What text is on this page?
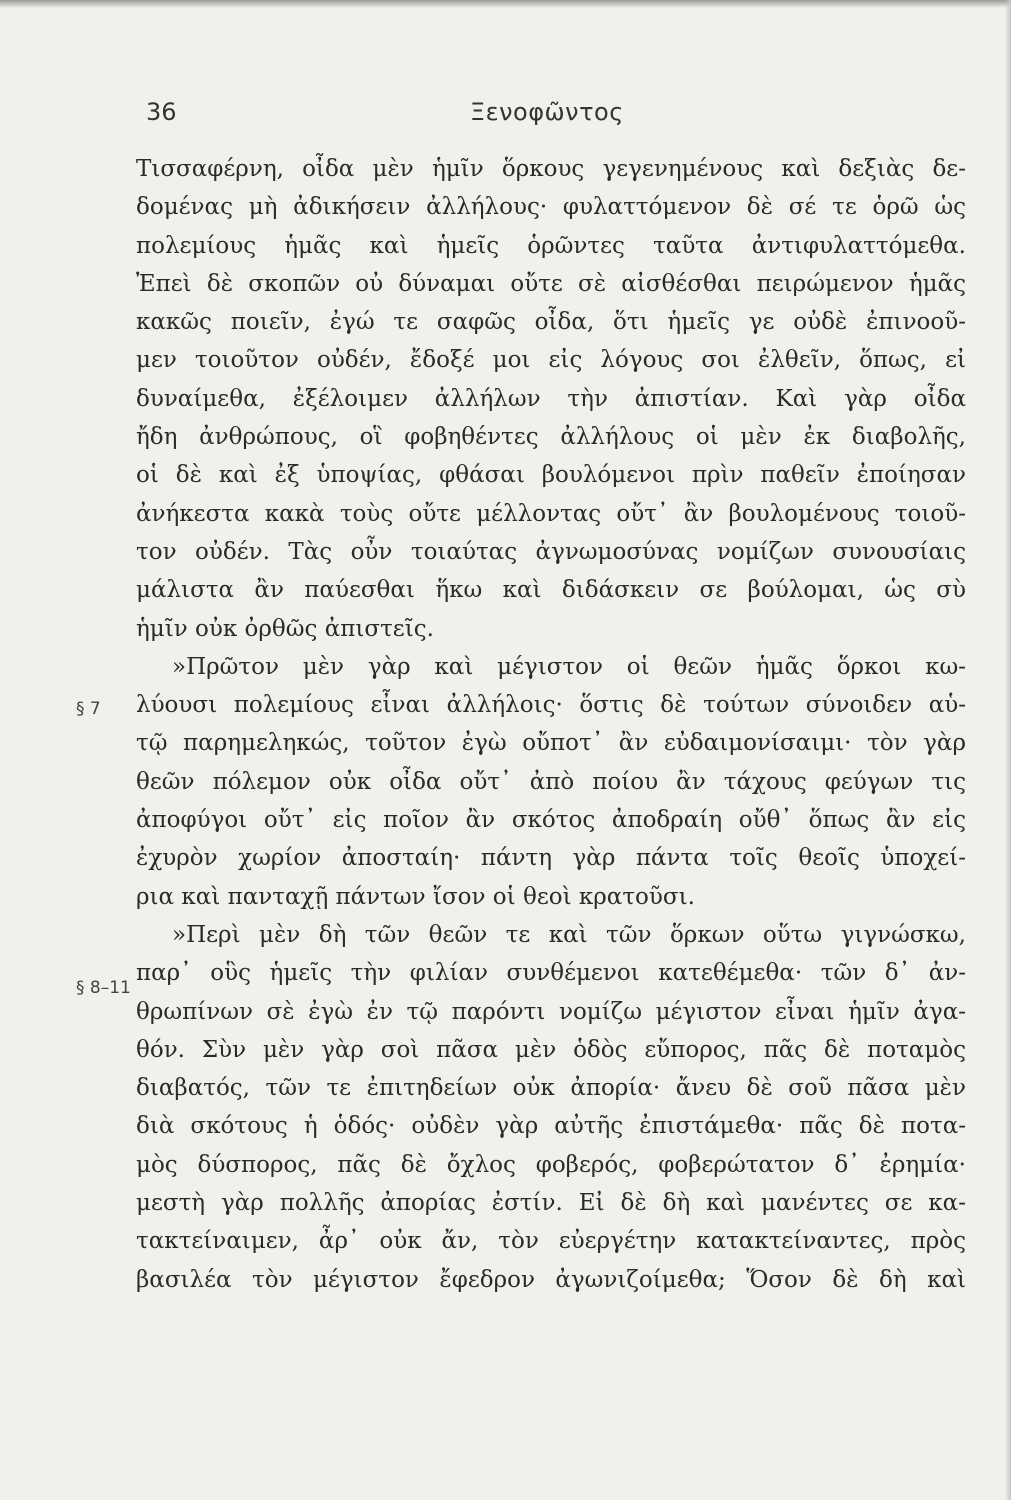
36	Ξενοφῶντος
§ 7
§ 8–11
Τισσαφέρνη, οἶδα μὲν ἡμῖν ὅρκους γεγενημένους καὶ δεξιὰς δε-
δομένας μὴ ἀδικήσειν ἀλλήλους· φυλαττόμενον δὲ σέ τε ὁρῶ ὡς
πολεμίους ἡμᾶς καὶ ἡμεῖς ὁρῶντες ταῦτα ἀντιφυλαττόμεθα.
Ἐπεὶ δὲ σκοπῶν οὐ δύναμαι οὔτε σὲ αἰσθέσθαι πειρώμενον ἡμᾶς
κακῶς ποιεῖν, ἐγώ τε σαφῶς οἶδα, ὅτι ἡμεῖς γε οὐδὲ ἐπινοοῦ-
μεν τοιοῦτον οὐδέν, ἔδοξέ μοι εἰς λόγους σοι ἐλθεῖν, ὅπως, εἰ
δυναίμεθα, ἐξέλοιμεν ἀλλήλων τὴν ἀπιστίαν. Καὶ γὰρ οἶδα
ἤδη ἀνθρώπους, οἳ φοβηθέντες ἀλλήλους οἱ μὲν ἐκ διαβολῆς,
οἱ δὲ καὶ ἐξ ὑποψίας, φθάσαι βουλόμενοι πρὶν παθεῖν ἐποίησαν
ἀνήκεστα κακὰ τοὺς οὔτε μέλλοντας οὔτ᾽ ἂν βουλομένους τοιοῦ-
τον οὐδέν. Τὰς οὖν τοιαύτας ἀγνωμοσύνας νομίζων συνουσίαις
μάλιστα ἂν παύεσθαι ἥκω καὶ διδάσκειν σε βούλομαι, ὡς σὺ
ἡμῖν οὐκ ὀρθῶς ἀπιστεῖς.
»Πρῶτον μὲν γὰρ καὶ μέγιστον οἱ θεῶν ἡμᾶς ὅρκοι κω-
λύουσι πολεμίους εἶναι ἀλλήλοις· ὅστις δὲ τούτων σύνοιδεν αὑ-
τῷ παρημεληκώς, τοῦτον ἐγὼ οὔποτ᾽ ἂν εὐδαιμονίσαιμι· τὸν γὰρ
θεῶν πόλεμον οὐκ οἶδα οὔτ᾽ ἀπὸ ποίου ἂν τάχους φεύγων τις
ἀποφύγοι οὔτ᾽ εἰς ποῖον ἂν σκότος ἀποδραίη οὔθ᾽ ὅπως ἂν εἰς
ἐχυρὸν χωρίον ἀποσταίη· πάντη γὰρ πάντα τοῖς θεοῖς ὑποχεί-
ρια καὶ πανταχῇ πάντων ἴσον οἱ θεοὶ κρατοῦσι.
»Περὶ μὲν δὴ τῶν θεῶν τε καὶ τῶν ὅρκων οὕτω γιγνώσκω,
παρ᾽ οὓς ἡμεῖς τὴν φιλίαν συνθέμενοι κατεθέμεθα· τῶν δ᾽ ἀν-
θρωπίνων σὲ ἐγὼ ἐν τῷ παρόντι νομίζω μέγιστον εἶναι ἡμῖν ἀγα-
θόν. Σὺν μὲν γὰρ σοὶ πᾶσα μὲν ὁδὸς εὔπορος, πᾶς δὲ ποταμὸς
διαβατός, τῶν τε ἐπιτηδείων οὐκ ἀπορία· ἄνευ δὲ σοῦ πᾶσα μὲν
διὰ σκότους ἡ ὁδός· οὐδὲν γὰρ αὐτῆς ἐπιστάμεθα· πᾶς δὲ ποτα-
μὸς δύσπορος, πᾶς δὲ ὄχλος φοβερός, φοβερώτατον δ᾽ ἐρημία·
μεστὴ γὰρ πολλῆς ἀπορίας ἐστίν. Εἰ δὲ δὴ καὶ μανέντες σε κα-
τακτείναιμεν, ἆρ᾽ οὐκ ἄν, τὸν εὐεργέτην κατακτείναντες, πρὸς
βασιλέα τὸν μέγιστον ἔφεδρον ἀγωνιζοίμεθα; Ὅσον δὲ δὴ καὶ
